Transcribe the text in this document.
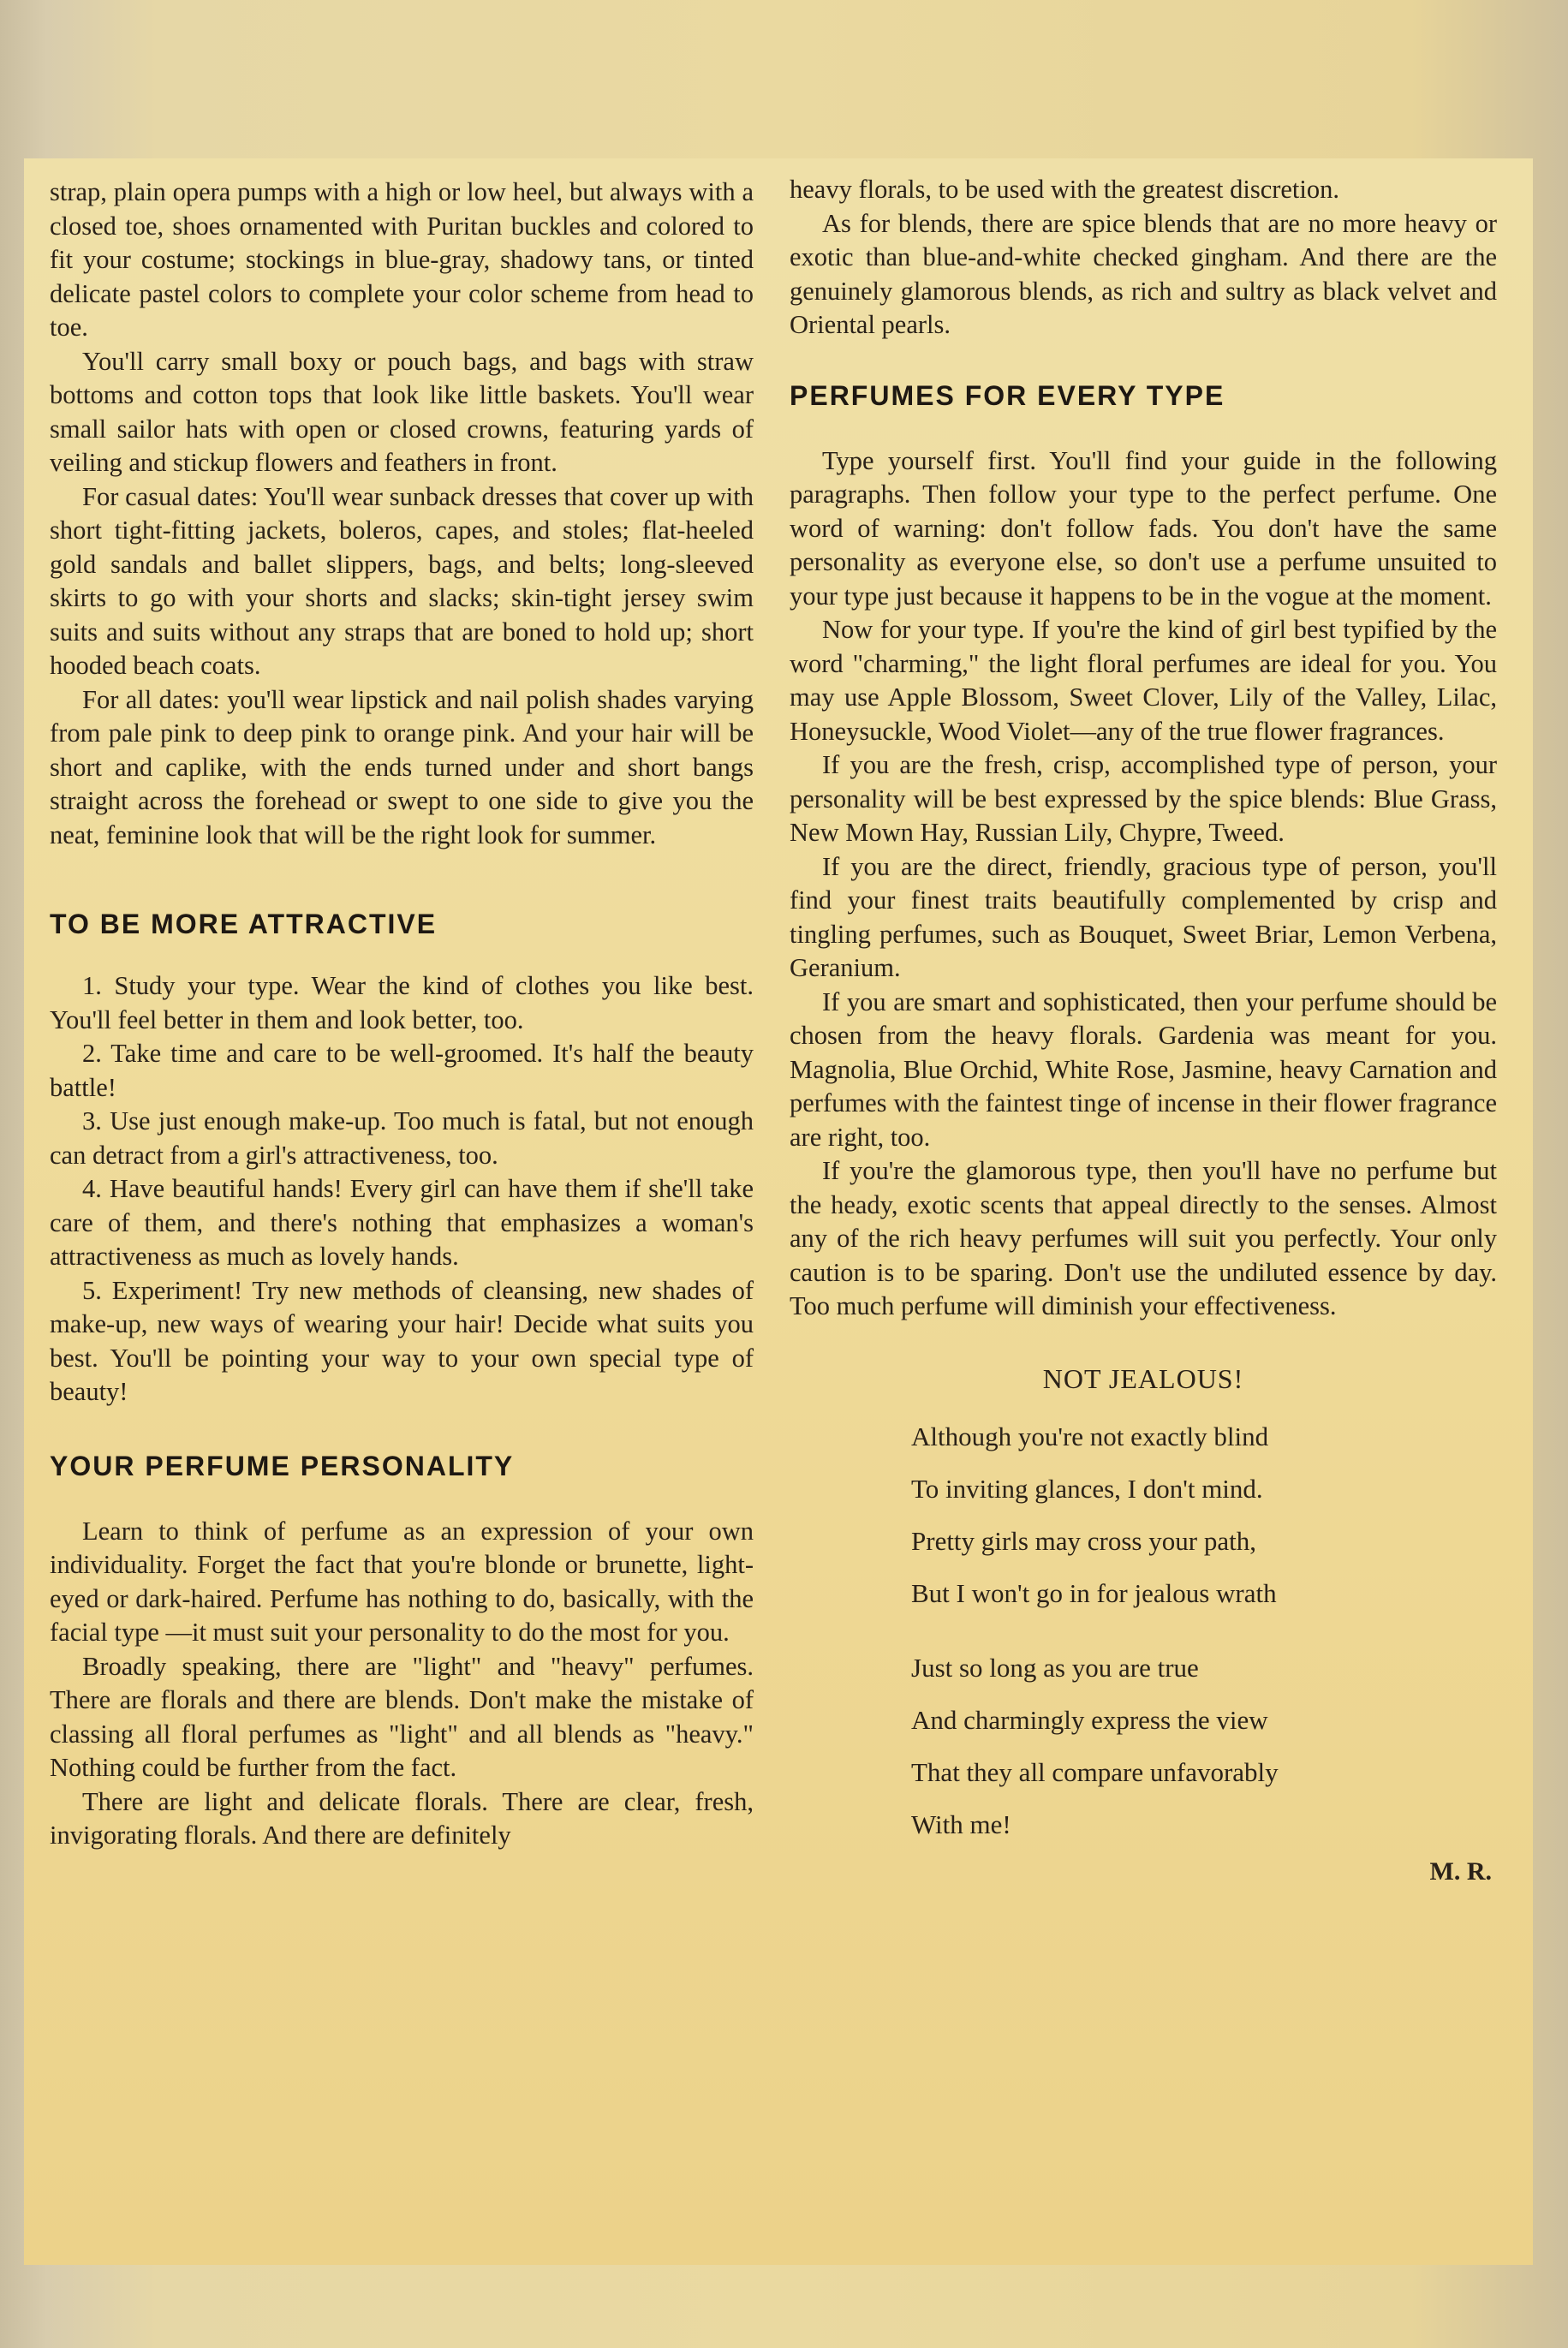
strap, plain opera pumps with a high or low heel, but always with a closed toe, shoes ornamented with Puritan buckles and colored to fit your costume; stockings in blue-gray, shadowy tans, or tinted delicate pastel colors to complete your color scheme from head to toe.

You'll carry small boxy or pouch bags, and bags with straw bottoms and cotton tops that look like little baskets. You'll wear small sailor hats with open or closed crowns, featuring yards of veiling and stickup flowers and feathers in front.

For casual dates: You'll wear sunback dresses that cover up with short tight-fitting jackets, boleros, capes, and stoles; flat-heeled gold sandals and ballet slippers, bags, and belts; long-sleeved skirts to go with your shorts and slacks; skin-tight jersey swim suits and suits without any straps that are boned to hold up; short hooded beach coats.

For all dates: you'll wear lipstick and nail polish shades varying from pale pink to deep pink to orange pink. And your hair will be short and caplike, with the ends turned under and short bangs straight across the forehead or swept to one side to give you the neat, feminine look that will be the right look for summer.

TO BE MORE ATTRACTIVE

1. Study your type. Wear the kind of clothes you like best. You'll feel better in them and look better, too.

2. Take time and care to be well-groomed. It's half the beauty battle!

3. Use just enough make-up. Too much is fatal, but not enough can detract from a girl's attractiveness, too.

4. Have beautiful hands! Every girl can have them if she'll take care of them, and there's nothing that emphasizes a woman's attractiveness as much as lovely hands.

5. Experiment! Try new methods of cleansing, new shades of make-up, new ways of wearing your hair! Decide what suits you best. You'll be pointing your way to your own special type of beauty!

YOUR PERFUME PERSONALITY

Learn to think of perfume as an expression of your own individuality. Forget the fact that you're blonde or brunette, light-eyed or dark-haired. Perfume has nothing to do, basically, with the facial type —it must suit your personality to do the most for you.

Broadly speaking, there are "light" and "heavy" perfumes. There are florals and there are blends. Don't make the mistake of classing all floral perfumes as "light" and all blends as "heavy." Nothing could be further from the fact.

There are light and delicate florals. There are clear, fresh, invigorating florals. And there are definitely

heavy florals, to be used with the greatest discretion.

As for blends, there are spice blends that are no more heavy or exotic than blue-and-white checked gingham. And there are the genuinely glamorous blends, as rich and sultry as black velvet and Oriental pearls.

PERFUMES FOR EVERY TYPE

Type yourself first. You'll find your guide in the following paragraphs. Then follow your type to the perfect perfume. One word of warning: don't follow fads. You don't have the same personality as everyone else, so don't use a perfume unsuited to your type just because it happens to be in the vogue at the moment.

Now for your type. If you're the kind of girl best typified by the word "charming," the light floral perfumes are ideal for you. You may use Apple Blossom, Sweet Clover, Lily of the Valley, Lilac, Honeysuckle, Wood Violet—any of the true flower fragrances.

If you are the fresh, crisp, accomplished type of person, your personality will be best expressed by the spice blends: Blue Grass, New Mown Hay, Russian Lily, Chypre, Tweed.

If you are the direct, friendly, gracious type of person, you'll find your finest traits beautifully complemented by crisp and tingling perfumes, such as Bouquet, Sweet Briar, Lemon Verbena, Geranium.

If you are smart and sophisticated, then your perfume should be chosen from the heavy florals. Gardenia was meant for you. Magnolia, Blue Orchid, White Rose, Jasmine, heavy Carnation and perfumes with the faintest tinge of incense in their flower fragrance are right, too.

If you're the glamorous type, then you'll have no perfume but the heady, exotic scents that appeal directly to the senses. Almost any of the rich heavy perfumes will suit you perfectly. Your only caution is to be sparing. Don't use the undiluted essence by day. Too much perfume will diminish your effectiveness.

NOT JEALOUS!
Although you're not exactly blind
To inviting glances, I don't mind.
Pretty girls may cross your path,
But I won't go in for jealous wrath
Just so long as you are true
And charmingly express the view
That they all compare unfavorably
With me!
M. R.
